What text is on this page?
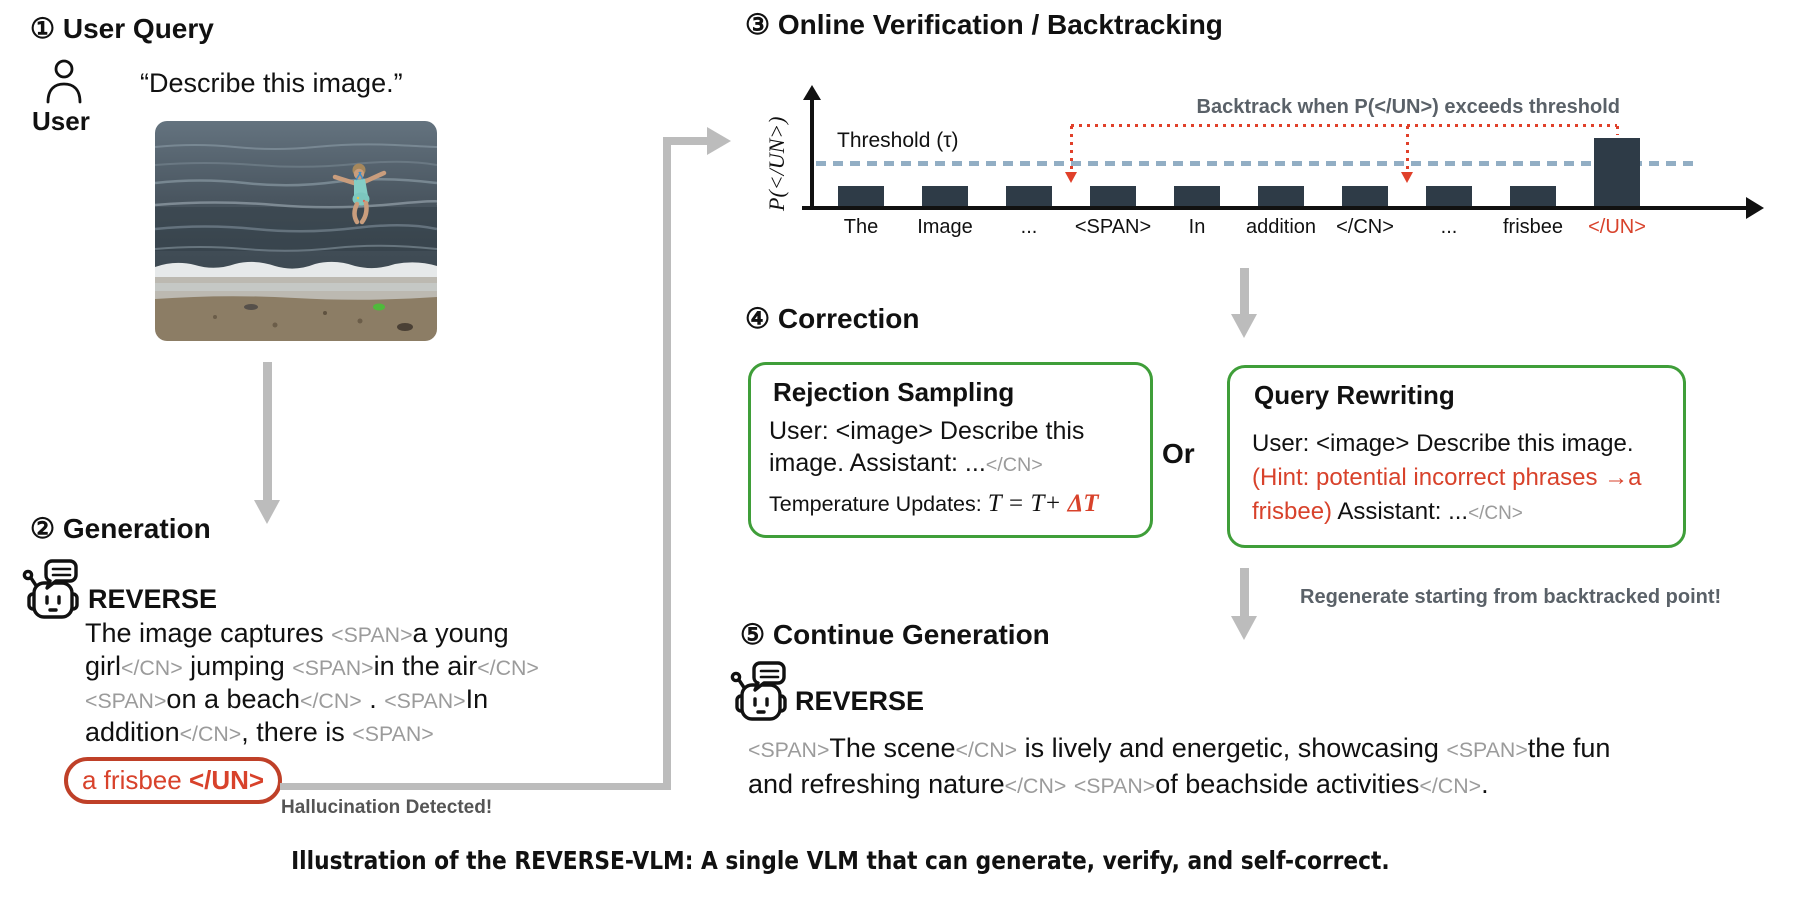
① User Query
User
“Describe this image.”
② Generation
REVERSE
The image captures <SPAN>a young
girl</CN> jumping <SPAN>in the air</CN>
<SPAN>on a beach</CN> . <SPAN>In
addition</CN>, there is <SPAN>
a frisbee </UN>
Hallucination Detected!
③ Online Verification / Backtracking
P(</UN>) Threshold (τ)
Backtrack when P(</UN>) exceeds threshold
The	Image	...	<SPAN>	In	addition	</CN>	...	frisbee	</UN>
④ Correction
Rejection Sampling
User: <image> Describe this
image. Assistant: ...</CN>
Temperature Updates: T = T+ ΔT
Or
Query Rewriting
User: <image> Describe this image.
(Hint: potential incorrect phrases →a
frisbee) Assistant: ...</CN>
Regenerate starting from backtracked point!
⑤ Continue Generation
REVERSE
<SPAN>The scene</CN> is lively and energetic, showcasing <SPAN>the fun
and refreshing nature</CN> <SPAN>of beachside activities</CN>.
Illustration of the REVERSE-VLM: A single VLM that can generate, verify, and self-correct.
